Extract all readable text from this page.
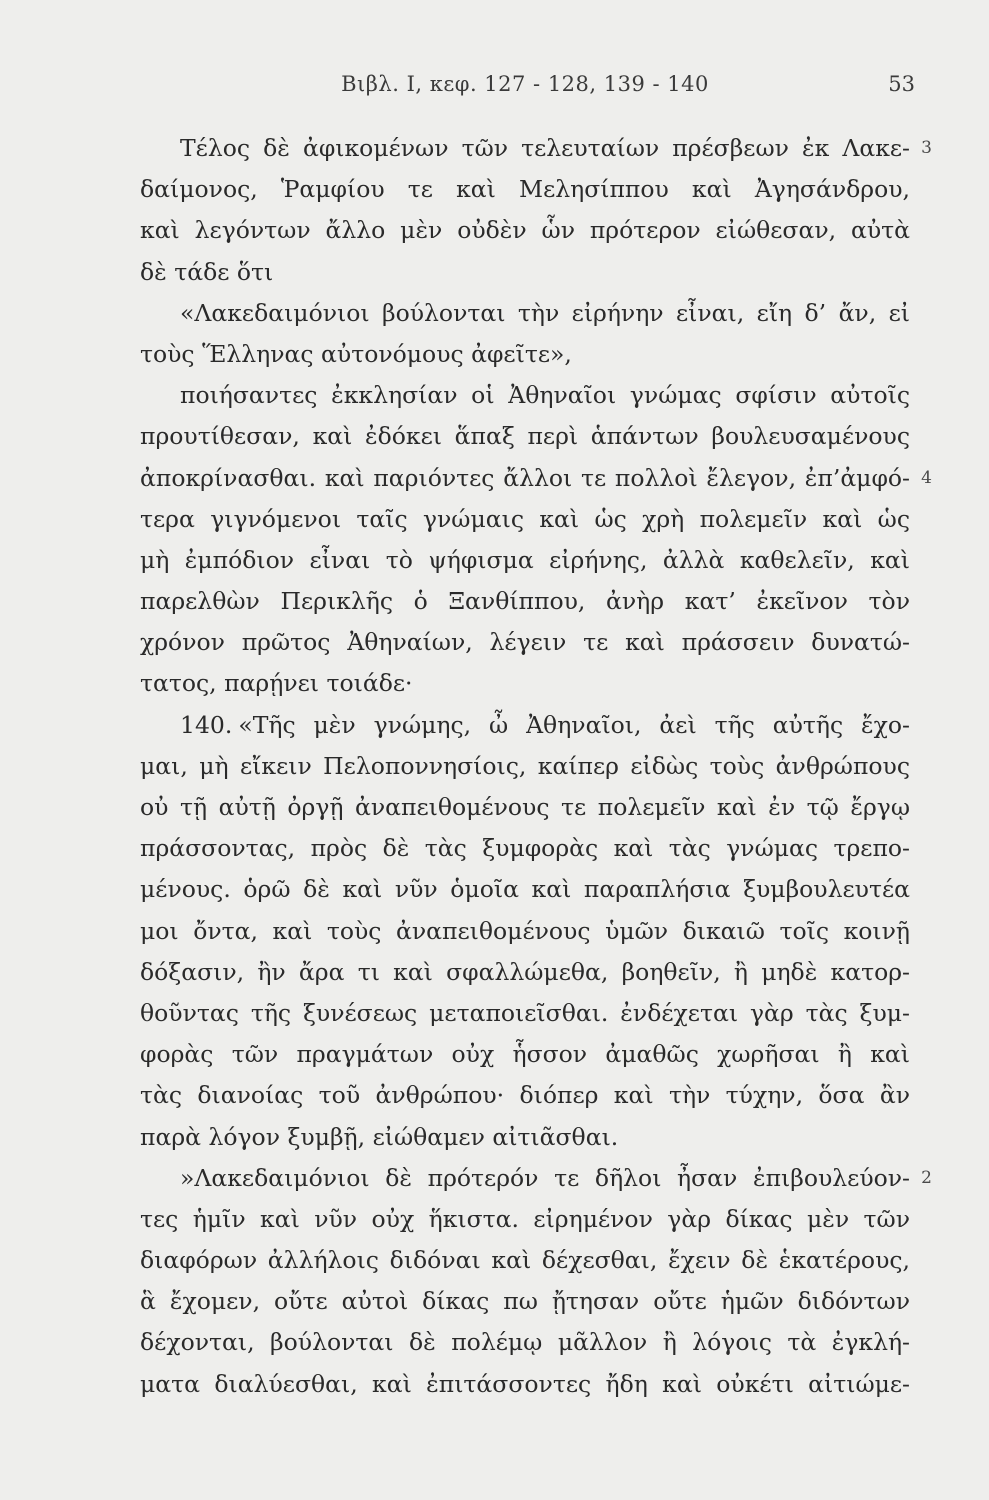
Βιβλ. Ι, κεφ. 127 - 128, 139 - 140	53
Τέλος δὲ ἀφικομένων τῶν τελευταίων πρέσβεων ἐκ Λακε- 3
δαίμονος, Ῥαμφίου τε καὶ Μελησίππου καὶ Ἀγησάνδρου,
καὶ λεγόντων ἄλλο μὲν οὐδὲν ὧν πρότερον εἰώθεσαν, αὐτὰ
δὲ τάδε ὅτι
«Λακεδαιμόνιοι βούλονται τὴν εἰρήνην εἶναι, εἴη δ’ ἄν, εἰ
τοὺς Ἕλληνας αὐτονόμους ἀφεῖτε»,
ποιήσαντες ἐκκλησίαν οἱ Ἀθηναῖοι γνώμας σφίσιν αὐτοῖς
προυτίθεσαν, καὶ ἐδόκει ἅπαξ περὶ ἁπάντων βουλευσαμένους
ἀποκρίνασθαι. καὶ παριόντες ἄλλοι τε πολλοὶ ἔλεγον, ἐπ’ἀμφό- 4
τερα γιγνόμενοι ταῖς γνώμαις καὶ ὡς χρὴ πολεμεῖν καὶ ὡς
μὴ ἐμπόδιον εἶναι τὸ ψήφισμα εἰρήνης, ἀλλὰ καθελεῖν, καὶ
παρελθὼν Περικλῆς ὁ Ξανθίππου, ἀνὴρ κατ’ ἐκεῖνον τὸν
χρόνον πρῶτος Ἀθηναίων, λέγειν τε καὶ πράσσειν δυνατώ-
τατος, παρῄνει τοιάδε·
140. «Τῆς μὲν γνώμης, ὦ Ἀθηναῖοι, ἀεὶ τῆς αὐτῆς ἔχο-
μαι, μὴ εἴκειν Πελοποννησίοις, καίπερ εἰδὼς τοὺς ἀνθρώπους
οὐ τῇ αὐτῇ ὀργῇ ἀναπειθομένους τε πολεμεῖν καὶ ἐν τῷ ἔργῳ
πράσσοντας, πρὸς δὲ τὰς ξυμφορὰς καὶ τὰς γνώμας τρεπο-
μένους. ὁρῶ δὲ καὶ νῦν ὁμοῖα καὶ παραπλήσια ξυμβουλευτέα
μοι ὄντα, καὶ τοὺς ἀναπειθομένους ὑμῶν δικαιῶ τοῖς κοινῇ
δόξασιν, ἢν ἄρα τι καὶ σφαλλώμεθα, βοηθεῖν, ἢ μηδὲ κατορ-
θοῦντας τῆς ξυνέσεως μεταποιεῖσθαι. ἐνδέχεται γὰρ τὰς ξυμ-
φορὰς τῶν πραγμάτων οὐχ ἧσσον ἀμαθῶς χωρῆσαι ἢ καὶ
τὰς διανοίας τοῦ ἀνθρώπου· διόπερ καὶ τὴν τύχην, ὅσα ἂν
παρὰ λόγον ξυμβῇ, εἰώθαμεν αἰτιᾶσθαι.
»Λακεδαιμόνιοι δὲ πρότερόν τε δῆλοι ἦσαν ἐπιβουλεύον- 2
τες ἡμῖν καὶ νῦν οὐχ ἥκιστα. εἰρημένον γὰρ δίκας μὲν τῶν
διαφόρων ἀλλήλοις διδόναι καὶ δέχεσθαι, ἔχειν δὲ ἑκατέρους,
ἃ ἔχομεν, οὔτε αὐτοὶ δίκας πω ᾔτησαν οὔτε ἡμῶν διδόντων
δέχονται, βούλονται δὲ πολέμῳ μᾶλλον ἢ λόγοις τὰ ἐγκλή-
ματα διαλύεσθαι, καὶ ἐπιτάσσοντες ἤδη καὶ οὐκέτι αἰτιώμε-
